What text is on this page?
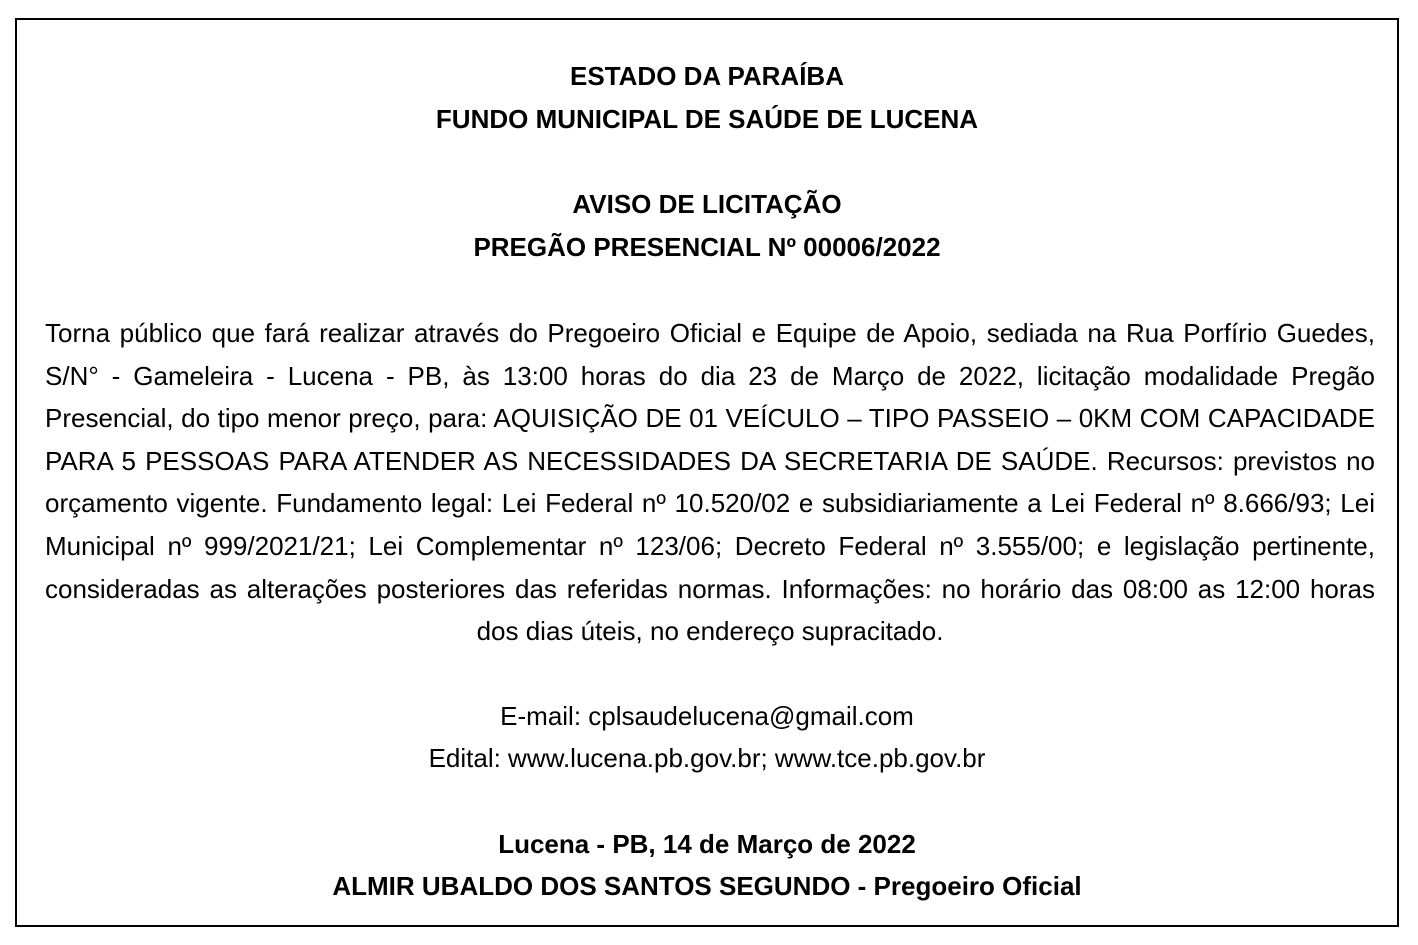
ESTADO DA PARAÍBA
FUNDO MUNICIPAL DE SAÚDE DE LUCENA
AVISO DE LICITAÇÃO
PREGÃO PRESENCIAL Nº 00006/2022
Torna público que fará realizar através do Pregoeiro Oficial e Equipe de Apoio, sediada na Rua Porfírio Guedes, S/N° - Gameleira - Lucena - PB, às 13:00 horas do dia 23 de Março de 2022, licitação modalidade Pregão Presencial, do tipo menor preço, para: AQUISIÇÃO DE 01 VEÍCULO – TIPO PASSEIO – 0KM COM CAPACIDADE PARA 5 PESSOAS PARA ATENDER AS NECESSIDADES DA SECRETARIA DE SAÚDE. Recursos: previstos no orçamento vigente. Fundamento legal: Lei Federal nº 10.520/02 e subsidiariamente a Lei Federal nº 8.666/93; Lei Municipal nº 999/2021/21; Lei Complementar nº 123/06; Decreto Federal nº 3.555/00; e legislação pertinente, consideradas as alterações posteriores das referidas normas. Informações: no horário das 08:00 as 12:00 horas dos dias úteis, no endereço supracitado.
E-mail: cplsaudelucena@gmail.com
Edital: www.lucena.pb.gov.br; www.tce.pb.gov.br
Lucena - PB, 14 de Março de 2022
ALMIR UBALDO DOS SANTOS SEGUNDO - Pregoeiro Oficial
